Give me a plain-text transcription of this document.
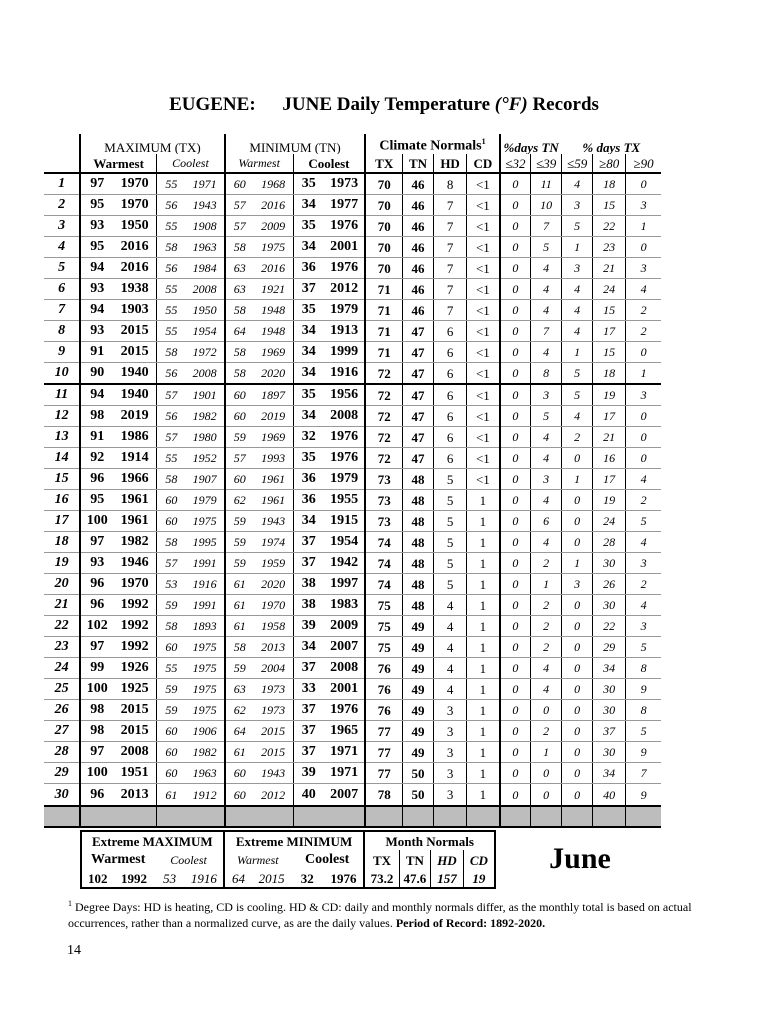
EUGENE: JUNE Daily Temperature (°F) Records
	MAXIMUM (TX)				MINIMUM (TN)				Climate Normals$^1$				%days TN		% days TX		
	Warmest		Coolest		Warmest		Coolest		TX	TN	HD	CD	≤32	≤39	≤59	≥80	≥90
1	97	1970	55	1971	60	1968	35	1973	70	46	8	<1	0	11	4	18	0
2	95	1970	56	1943	57	2016	34	1977	70	46	7	<1	0	10	3	15	3
3	93	1950	55	1908	57	2009	35	1976	70	46	7	<1	0	7	5	22	1
4	95	2016	58	1963	58	1975	34	2001	70	46	7	<1	0	5	1	23	0
5	94	2016	56	1984	63	2016	36	1976	70	46	7	<1	0	4	3	21	3
6	93	1938	55	2008	63	1921	37	2012	71	46	7	<1	0	4	4	24	4
7	94	1903	55	1950	58	1948	35	1979	71	46	7	<1	0	4	4	15	2
8	93	2015	55	1954	64	1948	34	1913	71	47	6	<1	0	7	4	17	2
9	91	2015	58	1972	58	1969	34	1999	71	47	6	<1	0	4	1	15	0
10	90	1940	56	2008	58	2020	34	1916	72	47	6	<1	0	8	5	18	1
11	94	1940	57	1901	60	1897	35	1956	72	47	6	<1	0	3	5	19	3
12	98	2019	56	1982	60	2019	34	2008	72	47	6	<1	0	5	4	17	0
13	91	1986	57	1980	59	1969	32	1976	72	47	6	<1	0	4	2	21	0
14	92	1914	55	1952	57	1993	35	1976	72	47	6	<1	0	4	0	16	0
15	96	1966	58	1907	60	1961	36	1979	73	48	5	<1	0	3	1	17	4
16	95	1961	60	1979	62	1961	36	1955	73	48	5	1	0	4	0	19	2
17	100	1961	60	1975	59	1943	34	1915	73	48	5	1	0	6	0	24	5
18	97	1982	58	1995	59	1974	37	1954	74	48	5	1	0	4	0	28	4
19	93	1946	57	1991	59	1959	37	1942	74	48	5	1	0	2	1	30	3
20	96	1970	53	1916	61	2020	38	1997	74	48	5	1	0	1	3	26	2
21	96	1992	59	1991	61	1970	38	1983	75	48	4	1	0	2	0	30	4
22	102	1992	58	1893	61	1958	39	2009	75	49	4	1	0	2	0	22	3
23	97	1992	60	1975	58	2013	34	2007	75	49	4	1	0	2	0	29	5
24	99	1926	55	1975	59	2004	37	2008	76	49	4	1	0	4	0	34	8
25	100	1925	59	1975	63	1973	33	2001	76	49	4	1	0	4	0	30	9
26	98	2015	59	1975	62	1973	37	1976	76	49	3	1	0	0	0	30	8
27	98	2015	60	1906	64	2015	37	1965	77	49	3	1	0	2	0	37	5
28	97	2008	60	1982	61	2015	37	1971	77	49	3	1	0	1	0	30	9
29	100	1951	60	1963	60	1943	39	1971	77	50	3	1	0	0	0	34	7
30	96	2013	61	1912	60	2012	40	2007	78	50	3	1	0	0	0	40	9

Extreme MAXIMUM				Extreme MINIMUM				Month Normals			
Warmest		Coolest		Warmest		Coolest		TX	TN	HD	CD
102	1992	53	1916	64	2015	32	1976	73.2	47.6	157	19
June
$^1$ Degree Days: HD is heating, CD is cooling. HD & CD: daily and monthly normals differ, as the monthly total is based on actual occurrences, rather than a normalized curve, as are the daily values. Period of Record: 1892-2020.
14
